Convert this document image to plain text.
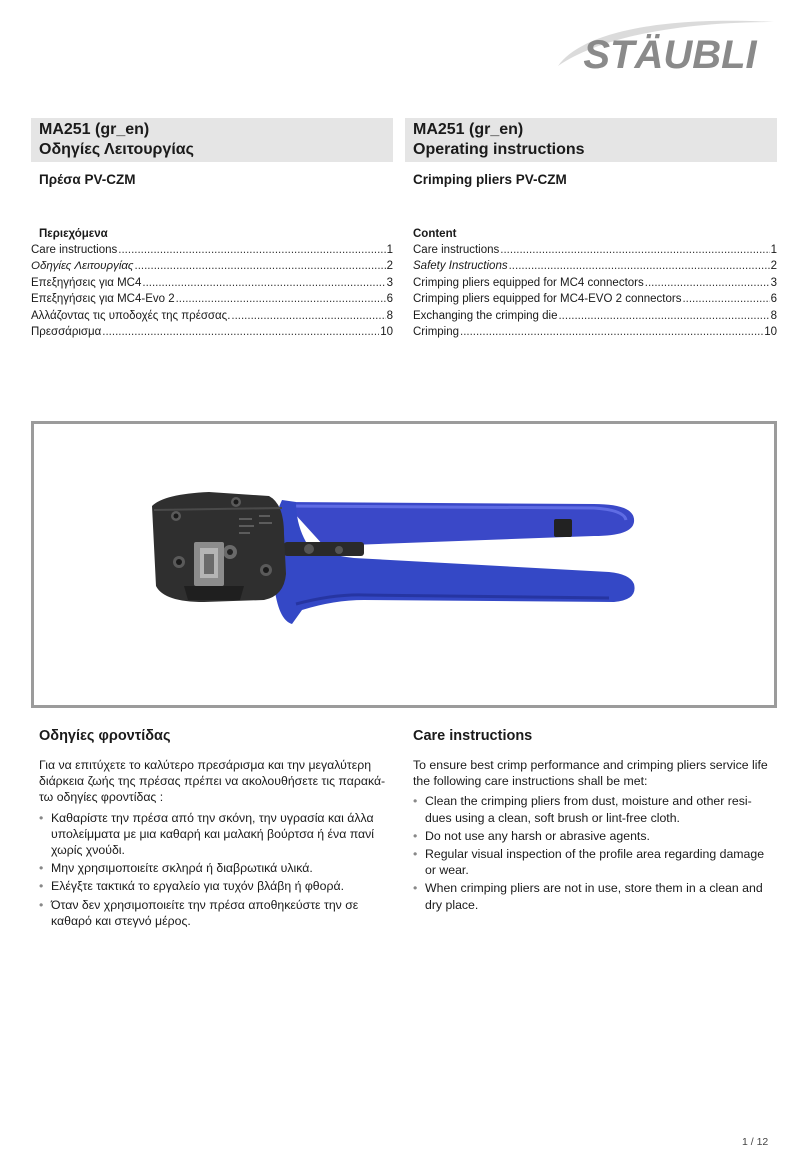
STÄUBLI
MA251 (gr_en)
Οδηγίες Λειτουργίας
MA251 (gr_en)
Operating instructions
Πρέσα PV-CZM	Crimping pliers PV-CZM
Περιεχόμενα	Content
Care instructions .....	1
Οδηγίες Λειτουργίας .....	2
Επεξηγήσεις για MC4 .....	3
Επεξηγήσεις για MC4-Evo 2 .....	6
Αλλάζοντας τις υποδοχές της πρέσσας. .....	8
Πρεσσάρισμα .....	10
Care instructions .....	1
Safety Instructions .....	2
Crimping pliers equipped for MC4 connectors .....	3
Crimping pliers equipped for MC4-EVO 2 connectors .....	6
Exchanging the crimping die .....	8
Crimping .....	10
Οδηγίες φροντίδας	Care instructions

Για να επιτύχετε το καλύτερο πρεσάρισμα και την μεγαλύτερη διάρκεια ζωής της πρέσας πρέπει να ακολουθήσετε τις παρακά-τω οδηγίες φροντίδας :

• Καθαρίστε την πρέσα από την σκόνη, την υγρασία και άλλα υπολείμματα με μια καθαρή και μαλακή βούρτσα ή ένα πανί χωρίς χνούδι.
• Μην χρησιμοποιείτε σκληρά ή διαβρωτικά υλικά.
• Ελέγξτε τακτικά το εργαλείο για τυχόν βλάβη ή φθορά.
• Όταν δεν χρησιμοποιείτε την πρέσα αποθηκεύστε την σε καθαρό και στεγνό μέρος.

To ensure best crimp performance and crimping pliers service life the following care instructions shall be met:

• Clean the crimping pliers from dust, moisture and other resi-dues using a clean, soft brush or lint-free cloth.
• Do not use any harsh or abrasive agents.
• Regular visual inspection of the profile area regarding damage or wear.
• When crimping pliers are not in use, store them in a clean and dry place.
1 / 12
